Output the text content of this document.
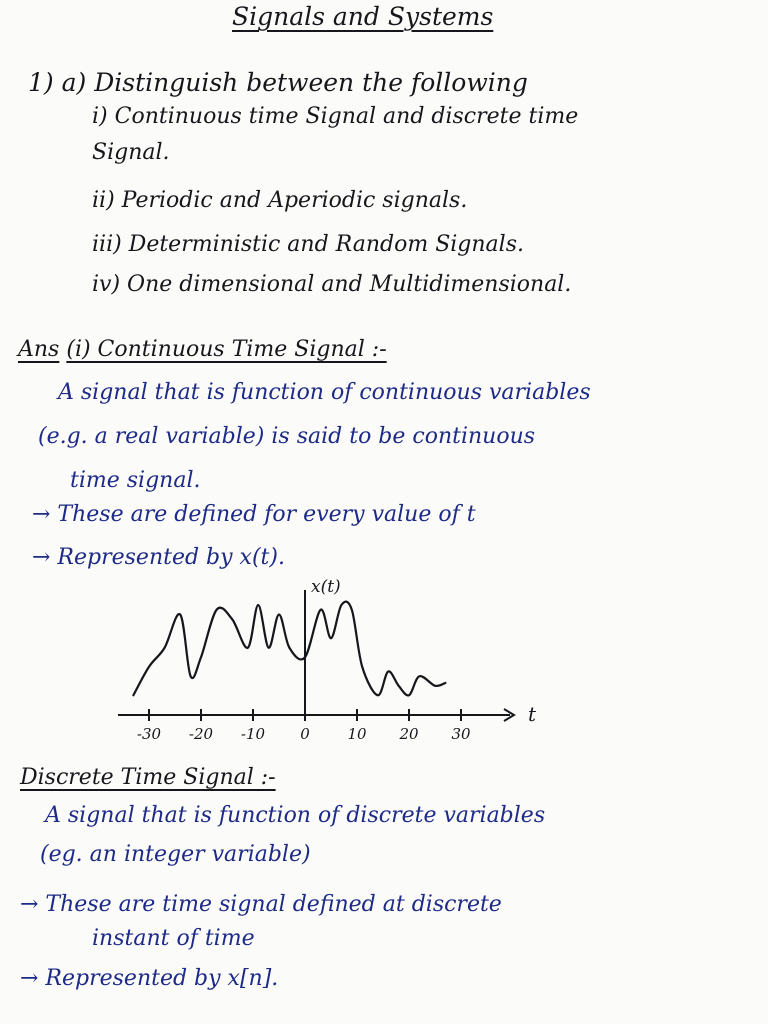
Signals and Systems
1) a) Distinguish between the following
i) Continuous time Signal and discrete time
Signal.
ii) Periodic and Aperiodic signals.
iii) Deterministic and Random Signals.
iv) One dimensional and Multidimensional.
Ans (i) Continuous Time Signal :-
A signal that is function of continuous variables
(e.g. a real variable) is said to be continuous
time signal.
→ These are defined for every value of t
→ Represented by x(t).
-30 -20 -10 0	10 20 30
t
x(t)
Discrete Time Signal :-
A signal that is function of discrete variables
(eg. an integer variable)
→ These are time signal defined at discrete
instant of time
→ Represented by x[n].
